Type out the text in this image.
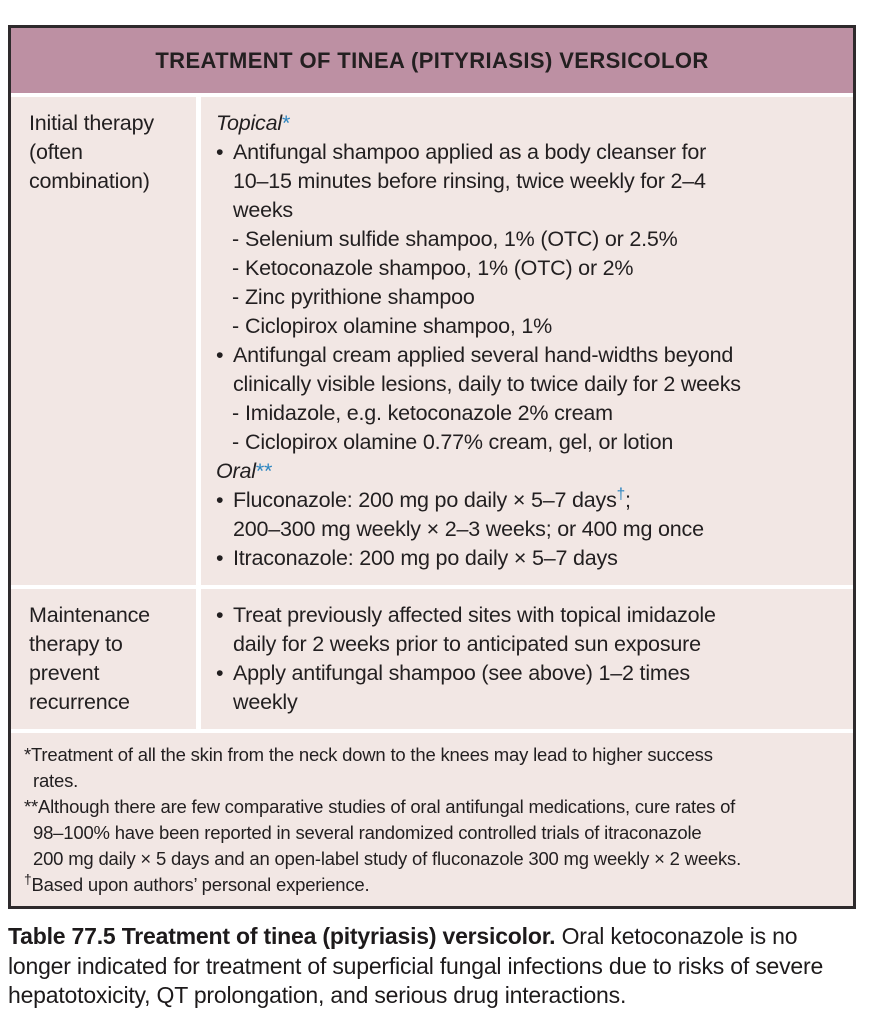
TREATMENT OF TINEA (PITYRIASIS) VERSICOLOR
Initial therapy (often combination)
Topical*
• Antifungal shampoo applied as a body cleanser for
10–15 minutes before rinsing, twice weekly for 2–4
weeks
- Selenium sulfide shampoo, 1% (OTC) or 2.5%
- Ketoconazole shampoo, 1% (OTC) or 2%
- Zinc pyrithione shampoo
- Ciclopirox olamine shampoo, 1%
• Antifungal cream applied several hand-widths beyond
clinically visible lesions, daily to twice daily for 2 weeks
- Imidazole, e.g. ketoconazole 2% cream
- Ciclopirox olamine 0.77% cream, gel, or lotion
Oral**
• Fluconazole: 200 mg po daily × 5–7 days†;
200–300 mg weekly × 2–3 weeks; or 400 mg once
• Itraconazole: 200 mg po daily × 5–7 days
Maintenance therapy to prevent recurrence
• Treat previously affected sites with topical imidazole
daily for 2 weeks prior to anticipated sun exposure
• Apply antifungal shampoo (see above) 1–2 times
weekly
*Treatment of all the skin from the neck down to the knees may lead to higher success
rates.
**Although there are few comparative studies of oral antifungal medications, cure rates of
98–100% have been reported in several randomized controlled trials of itraconazole
200 mg daily × 5 days and an open-label study of fluconazole 300 mg weekly × 2 weeks.
†Based upon authors’ personal experience.
Table 77.5 Treatment of tinea (pityriasis) versicolor. Oral ketoconazole is no longer indicated for treatment of superficial fungal infections due to risks of severe hepatotoxicity, QT prolongation, and serious drug interactions.
